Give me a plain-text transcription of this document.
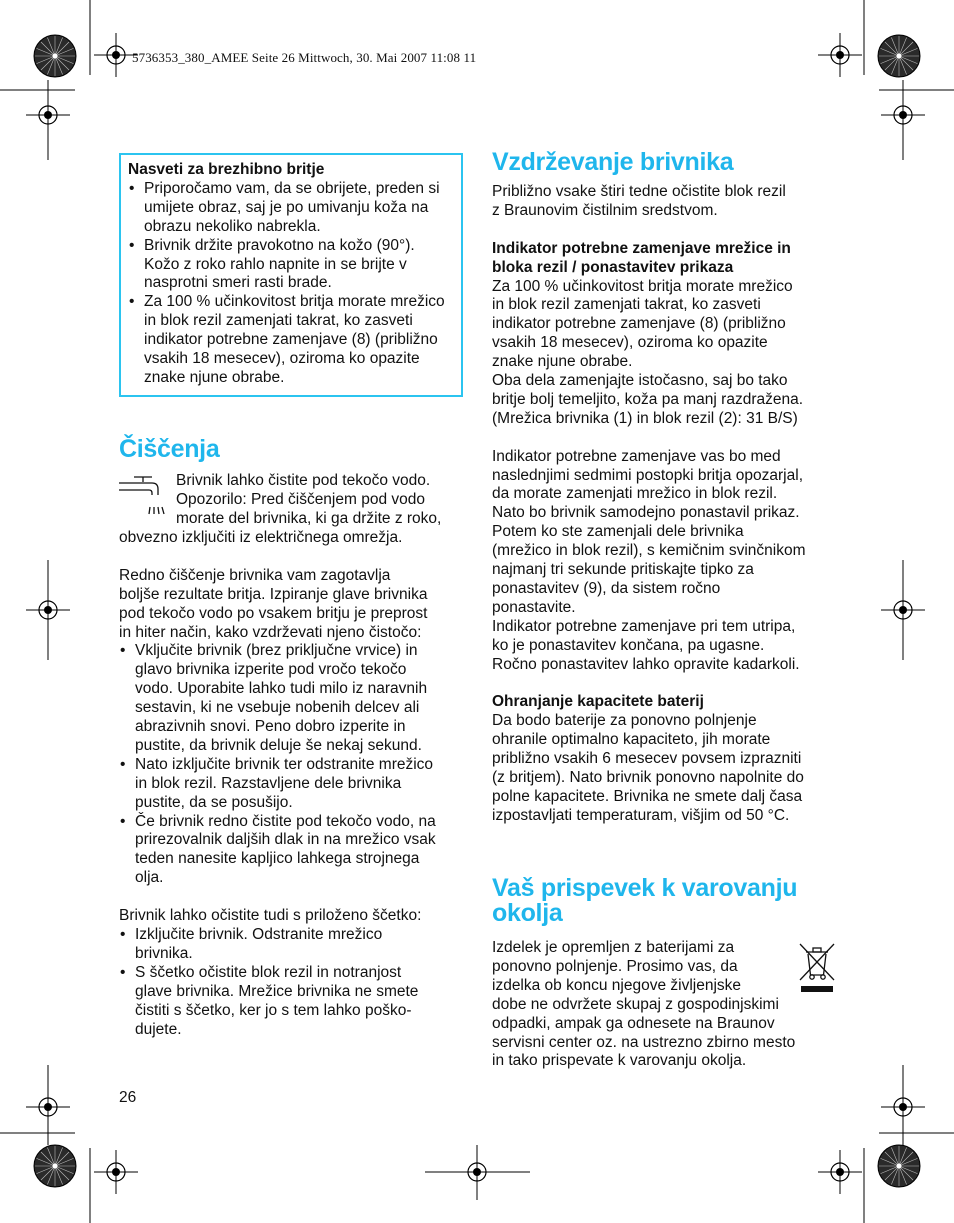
5736353_380_AMEE Seite 26 Mittwoch, 30. Mai 2007 11:08 11
Nasveti za brezhibno britje
• Priporočamo vam, da se obrijete, preden si umijete obraz, saj je po umivanju koža na obrazu nekoliko nabrekla.
• Brivnik držite pravokotno na kožo (90°). Kožo z roko rahlo napnite in se brijte v nasprotni smeri rasti brade.
• Za 100 % učinkovitost britja morate mrežico in blok rezil zamenjati takrat, ko zasveti indikator potrebne zamenjave (8) (približno vsakih 18 mesecev), oziroma ko opazite znake njune obrabe.
Čiščenja
Brivnik lahko čistite pod tekočo vodo.
Opozorilo: Pred čiščenjem pod vodo
morate del brivnika, ki ga držite z roko,
obvezno izključiti iz električnega omrežja.
Redno čiščenje brivnika vam zagotavlja
boljše rezultate britja. Izpiranje glave brivnika
pod tekočo vodo po vsakem britju je preprost
in hiter način, kako vzdrževati njeno čistočo:
• Vključite brivnik (brez priključne vrvice) in
glavo brivnika izperite pod vročo tekočo
vodo. Uporabite lahko tudi milo iz naravnih
sestavin, ki ne vsebuje nobenih delcev ali
abrazivnih snovi. Peno dobro izperite in
pustite, da brivnik deluje še nekaj sekund.
• Nato izključite brivnik ter odstranite mrežico
in blok rezil. Razstavljene dele brivnika
pustite, da se posušijo.
• Če brivnik redno čistite pod tekočo vodo, na
prirezovalnik daljših dlak in na mrežico vsak
teden nanesite kapljico lahkega strojnega
olja.
Brivnik lahko očistite tudi s priloženo ščetko:
• Izključite brivnik. Odstranite mrežico
brivnika.
• S ščetko očistite blok rezil in notranjost
glave brivnika. Mrežice brivnika ne smete
čistiti s ščetko, ker jo s tem lahko poško-
dujete.
Vzdrževanje brivnika
Približno vsake štiri tedne očistite blok rezil
z Braunovim čistilnim sredstvom.
Indikator potrebne zamenjave mrežice in
bloka rezil / ponastavitev prikaza
Za 100 % učinkovitost britja morate mrežico
in blok rezil zamenjati takrat, ko zasveti
indikator potrebne zamenjave (8) (približno
vsakih 18 mesecev), oziroma ko opazite
znake njune obrabe.
Oba dela zamenjajte istočasno, saj bo tako
britje bolj temeljito, koža pa manj razdražena.
(Mrežica brivnika (1) in blok rezil (2): 31 B/S)
Indikator potrebne zamenjave vas bo med
naslednjimi sedmimi postopki britja opozarjal,
da morate zamenjati mrežico in blok rezil.
Nato bo brivnik samodejno ponastavil prikaz.
Potem ko ste zamenjali dele brivnika
(mrežico in blok rezil), s kemičnim svinčnikom
najmanj tri sekunde pritiskajte tipko za
ponastavitev (9), da sistem ročno
ponastavite.
Indikator potrebne zamenjave pri tem utripa,
ko je ponastavitev končana, pa ugasne.
Ročno ponastavitev lahko opravite kadarkoli.
Ohranjanje kapacitete baterij
Da bodo baterije za ponovno polnjenje
ohranile optimalno kapaciteto, jih morate
približno vsakih 6 mesecev povsem izprazniti
(z britjem). Nato brivnik ponovno napolnite do
polne kapacitete. Brivnika ne smete dalj časa
izpostavljati temperaturam, višjim od 50 °C.
Vaš prispevek k varovanju
okolja
Izdelek je opremljen z baterijami za
ponovno polnjenje. Prosimo vas, da
izdelka ob koncu njegove življenjske
dobe ne odvržete skupaj z gospodinjskimi
odpadki, ampak ga odnesete na Braunov
servisni center oz. na ustrezno zbirno mesto
in tako prispevate k varovanju okolja.
26
